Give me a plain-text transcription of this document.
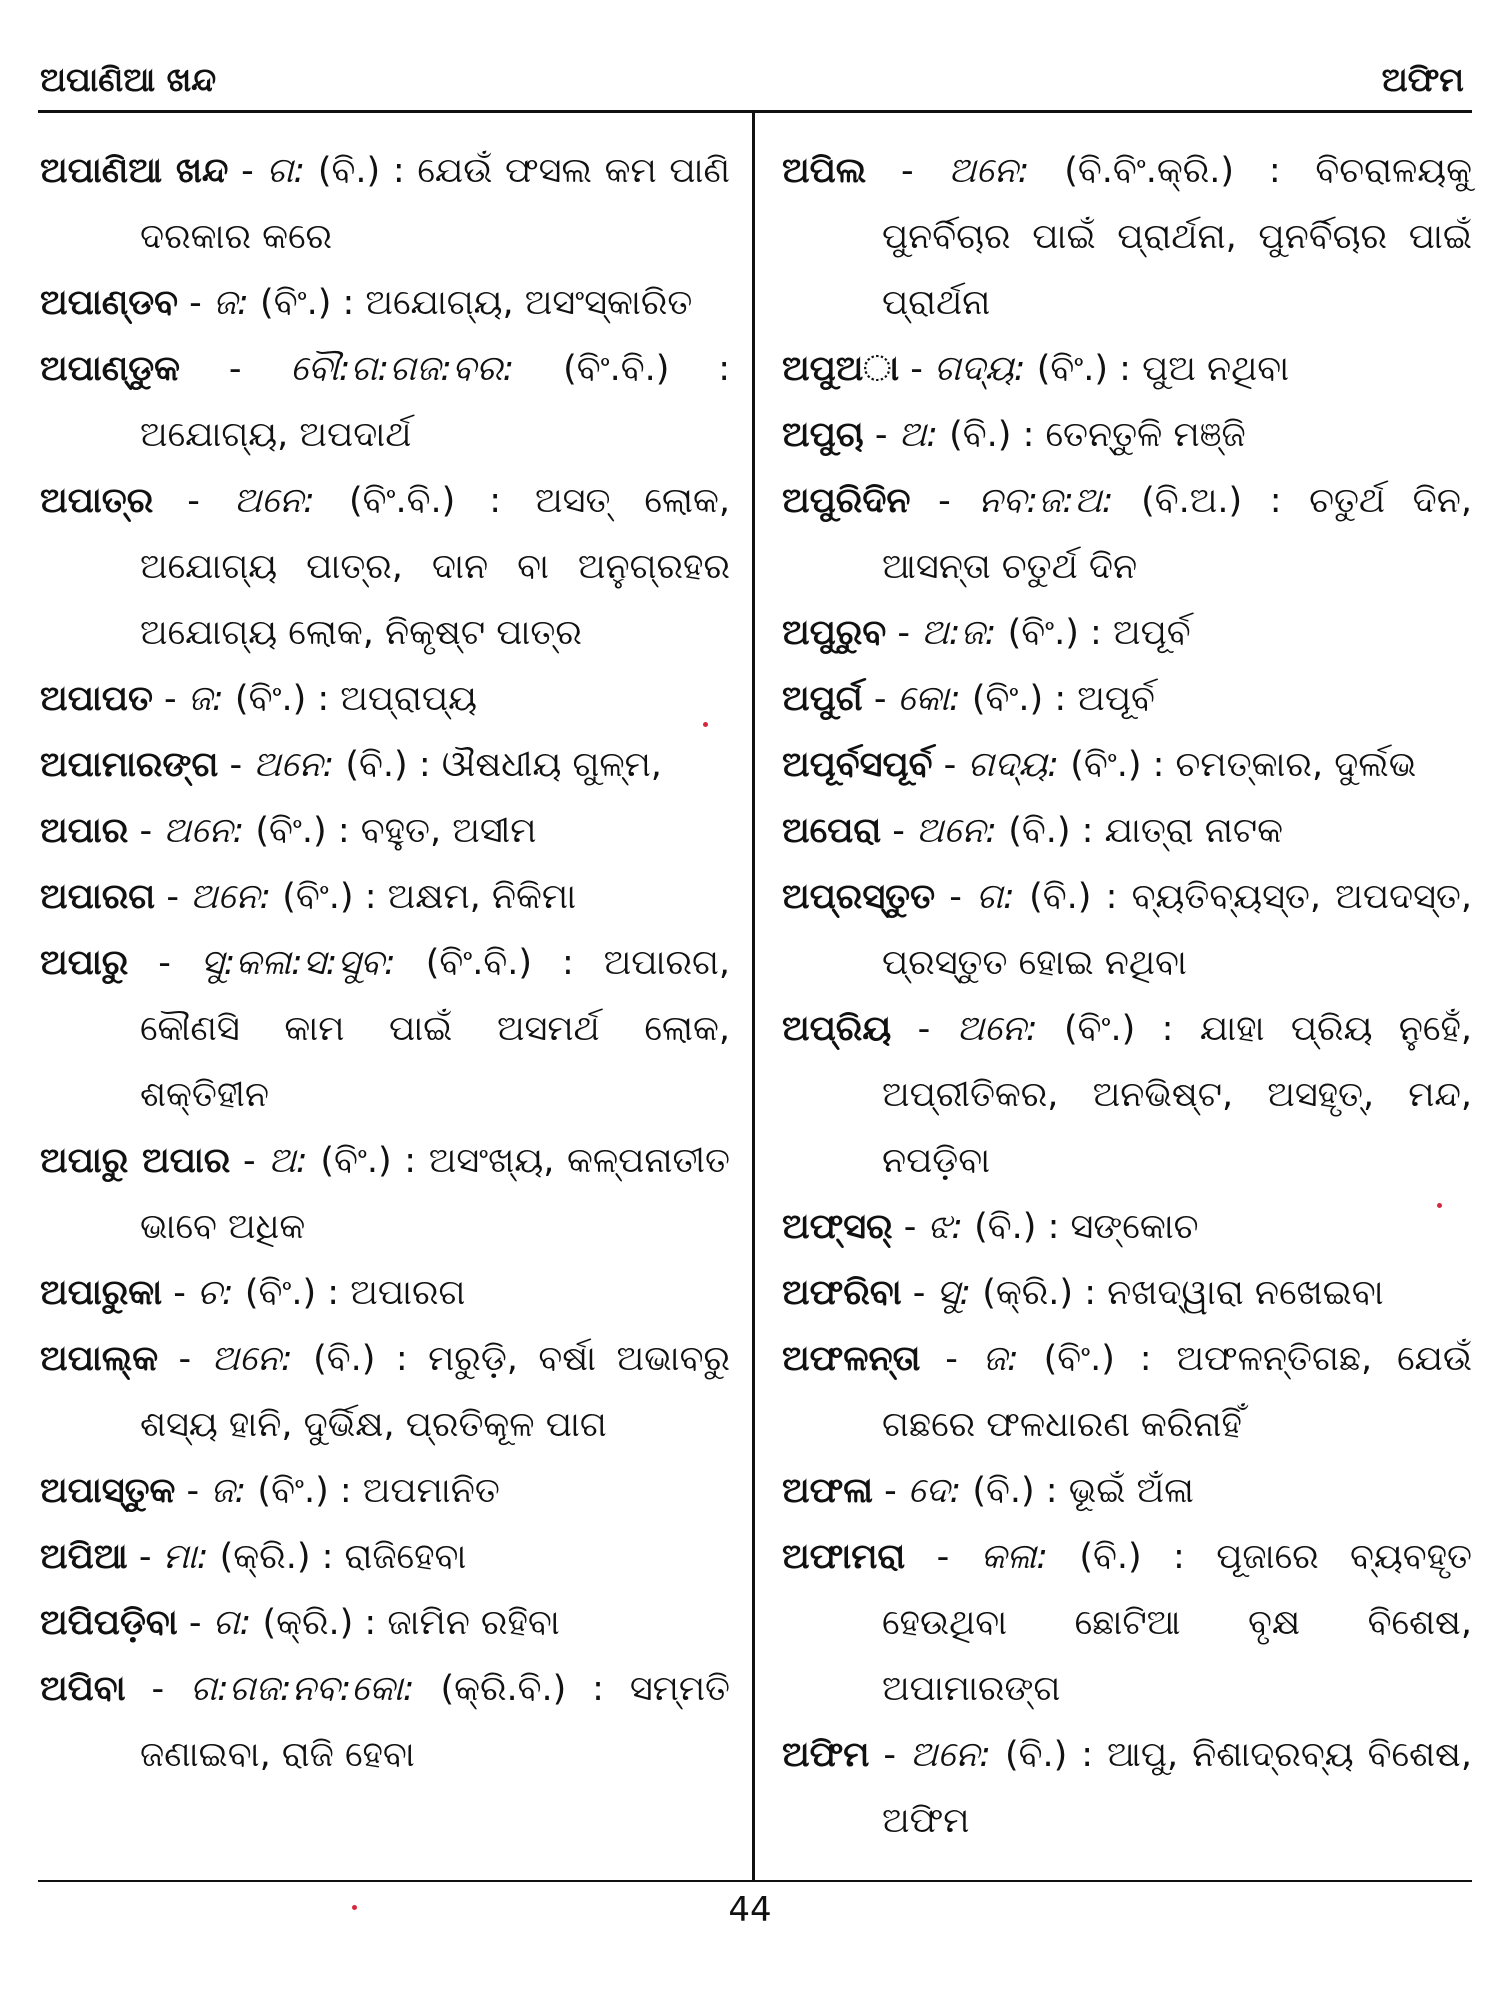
ଅପାଣିଆ ଖନ୍ଦ	ଅଫିମ
ଅପାଣିଆ ଖନ୍ଦ - ଗ: (ବି.) : ଯେଉଁ ଫସଲ କମ ପାଣି ଦରକାର କରେ
ଅପାଣ୍ଡବ - ଜ: (ବିଂ.) : ଅଯୋଗ୍ୟ, ଅସଂସ୍କାରିତ
ଅପାଣ୍ଡୁକ - ବୌ:ଗ:ଗଜ:ବର: (ବିଂ.ବି.) : ଅଯୋଗ୍ୟ, ଅପଦାର୍ଥ
ଅପାତ୍ର - ଅନେ: (ବିଂ.ବି.) : ଅସତ୍ ଲୋକ, ଅଯୋଗ୍ୟ ପାତ୍ର, ଦାନ ବା ଅନୁଗ୍ରହର ଅଯୋଗ୍ୟ ଲୋକ, ନିକୃଷ୍ଟ ପାତ୍ର
ଅପାପତ - ଜ: (ବିଂ.) : ଅପ୍ରାପ୍ୟ
ଅପାମାରଙ୍ଗ - ଅନେ: (ବି.) : ଔଷଧୀୟ ଗୁଳ୍ମ,
ଅପାର - ଅନେ: (ବିଂ.) : ବହୁତ, ଅସୀମ
ଅପାରଗ - ଅନେ: (ବିଂ.) : ଅକ୍ଷମ, ନିକିମା
ଅପାରୁ - ସୁ:କଳା:ସ:ସୁବ: (ବିଂ.ବି.) : ଅପାରଗ, କୌଣସି କାମ ପାଇଁ ଅସମର୍ଥ ଲୋକ, ଶକ୍ତିହୀନ
ଅପାରୁ ଅପାର - ଅ: (ବିଂ.) : ଅସଂଖ୍ୟ, କଳ୍ପନାତୀତ ଭାବେ ଅଧିକ
ଅପାରୁକା - ଚ: (ବିଂ.) : ଅପାରଗ
ଅପାଲ୍‌କ - ଅନେ: (ବି.) : ମରୁଡ଼ି, ବର୍ଷା ଅଭାବରୁ ଶସ୍ୟ ହାନି, ଦୁର୍ଭିକ୍ଷ, ପ୍ରତିକୂଳ ପାଗ
ଅପାସ୍ତୁକ - ଜ: (ବିଂ.) : ଅପମାନିତ
ଅପିଆ - ମା: (କ୍ରି.) : ରାଜିହେବା
ଅପିପଡ଼ିବା - ଗ: (କ୍ରି.) : ଜାମିନ ରହିବା
ଅପିବା - ଗ:ଗଜ:ନବ:କୋ: (କ୍ରି.ବି.) : ସମ୍ମତି ଜଣାଇବା, ରାଜି ହେବା
ଅପିଲ - ଅନେ: (ବି.ବିଂ.କ୍ରି.) : ବିଚରାଳୟକୁ ପୁନର୍ବିଚାର ପାଇଁ ପ୍ରାର୍ଥନା, ପୁନର୍ବିଚାର ପାଇଁ ପ୍ରାର୍ଥନା
ଅପୁଅା - ଗଦ୍ୟ: (ବିଂ.) : ପୁଅ ନଥିବା
ଅପୁଚା - ଅ: (ବି.) : ତେନ୍ତୁଳି ମଞ୍ଜି
ଅପୁରିଦିନ - ନବ:ଜ:ଅ: (ବି.ଅ.) : ଚତୁର୍ଥ ଦିନ, ଆସନ୍ତା ଚତୁର୍ଥ ଦିନ
ଅପୁରୁବ - ଅ:ଜ: (ବିଂ.) : ଅପୂର୍ବ
ଅପୁର୍ଗ - କୋ: (ବିଂ.) : ଅପୂର୍ବ
ଅପୂର୍ବସପୂର୍ବ - ଗଦ୍ୟ: (ବିଂ.) : ଚମତ୍କାର, ଦୁର୍ଲଭ
ଅପେରା - ଅନେ: (ବି.) : ଯାତ୍ରା ନାଟକ
ଅପ୍ରସ୍ତୁତ - ଗ: (ବି.) : ବ୍ୟତିବ୍ୟସ୍ତ, ଅପଦସ୍ତ, ପ୍ରସ୍ତୁତ ହୋଇ ନଥିବା
ଅପ୍ରିୟ - ଅନେ: (ବିଂ.) : ଯାହା ପ୍ରିୟ ନୁହେଁ, ଅପ୍ରୀତିକର, ଅନଭିଷ୍ଟ, ଅସହୃତ୍, ମନ୍ଦ, ନପଡ଼ିବା
ଅଫ୍‌ସର୍ - ଝ: (ବି.) : ସଙ୍କୋଚ
ଅଫରିବା - ସୁ: (କ୍ରି.) : ନଖଦ୍ୱାରା ନଖେଇବା
ଅଫଳନ୍ତା - ଜ: (ବିଂ.) : ଅଫଳନ୍ତିଗଛ, ଯେଉଁ ଗଛରେ ଫଳଧାରଣ କରିନାହିଁ
ଅଫଳା - ଦେ: (ବି.) : ଭୂଇଁ ଅଁଳା
ଅଫାମରା - କଳା: (ବି.) : ପୂଜାରେ ବ୍ୟବହୃତ ହେଉଥିବା ଛୋଟିଆ ବୃକ୍ଷ ବିଶେଷ, ଅପାମାରଙ୍ଗ
ଅଫିମ - ଅନେ: (ବି.) : ଆପୁ, ନିଶାଦ୍ରବ୍ୟ ବିଶେଷ, ଅଫିମ
44
